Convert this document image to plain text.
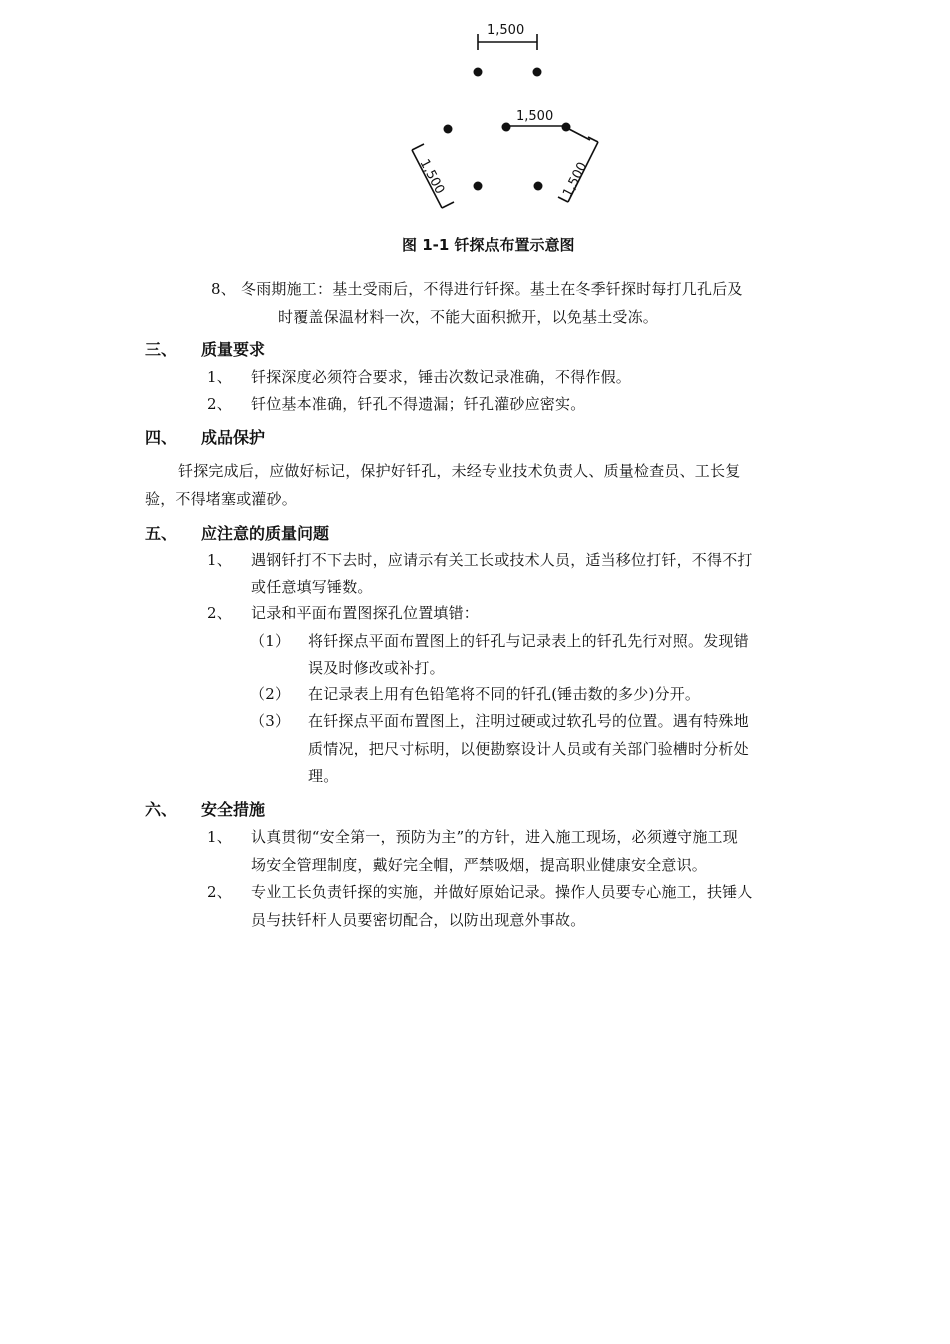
1,500
1,500
1,500	1,500
图 1-1 钎探点布置示意图
8、 冬雨期施工：基土受雨后，不得进行钎探。基土在冬季钎探时每打几孔后及
时覆盖保温材料一次，不能大面积掀开，以免基土受冻。
三、 质量要求
1、 钎探深度必须符合要求，锤击次数记录准确，不得作假。
2、 钎位基本准确，钎孔不得遗漏；钎孔灌砂应密实。
四、 成品保护
钎探完成后，应做好标记，保护好钎孔，未经专业技术负责人、质量检查员、工长复
验，不得堵塞或灌砂。
五、 应注意的质量问题
1、 遇钢钎打不下去时，应请示有关工长或技术人员，适当移位打钎，不得不打
或任意填写锤数。
2、 记录和平面布置图探孔位置填错：
（1） 将钎探点平面布置图上的钎孔与记录表上的钎孔先行对照。发现错
误及时修改或补打。
（2） 在记录表上用有色铅笔将不同的钎孔(锤击数的多少)分开。
（3） 在钎探点平面布置图上，注明过硬或过软孔号的位置。遇有特殊地
质情况，把尺寸标明，以便勘察设计人员或有关部门验槽时分析处
理。
六、 安全措施
1、 认真贯彻“安全第一，预防为主”的方针，进入施工现场，必须遵守施工现
场安全管理制度，戴好完全帽，严禁吸烟，提高职业健康安全意识。
2、 专业工长负责钎探的实施，并做好原始记录。操作人员要专心施工，扶锤人
员与扶钎杆人员要密切配合，以防出现意外事故。
